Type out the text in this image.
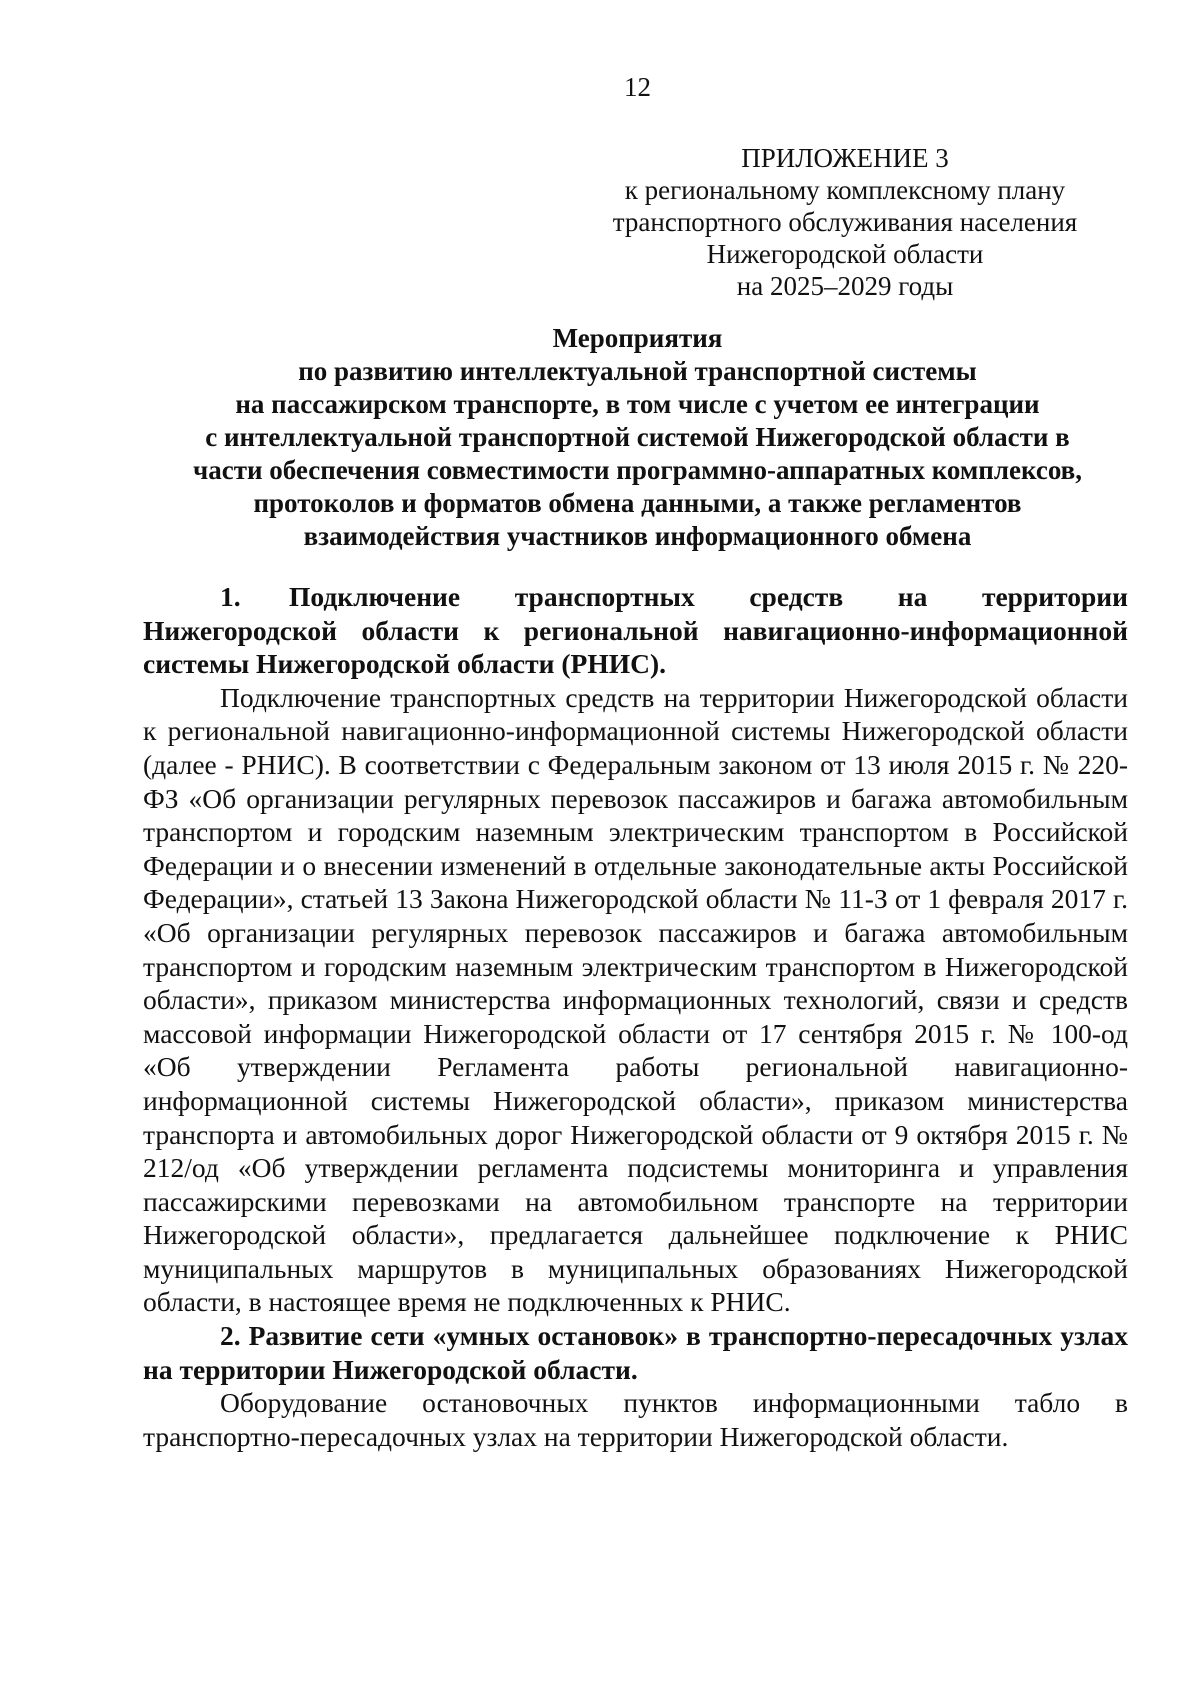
12
ПРИЛОЖЕНИЕ 3
к региональному комплексному плану
транспортного обслуживания населения
Нижегородской области
на 2025–2029 годы
Мероприятия
по развитию интеллектуальной транспортной системы
на пассажирском транспорте, в том числе с учетом ее интеграции
с интеллектуальной транспортной системой Нижегородской области в
части обеспечения совместимости программно-аппаратных комплексов,
протоколов и форматов обмена данными, а также регламентов
взаимодействия участников информационного обмена

1. Подключение транспортных средств на территории Нижегородской области к региональной навигационно-информационной системы Нижегородской области (РНИС).

Подключение транспортных средств на территории Нижегородской области к региональной навигационно-информационной системы Нижегородской области (далее - РНИС). В соответствии с Федеральным законом от 13 июля 2015 г. № 220-ФЗ «Об организации регулярных перевозок пассажиров и багажа автомобильным транспортом и городским наземным электрическим транспортом в Российской Федерации и о внесении изменений в отдельные законодательные акты Российской Федерации», статьей 13 Закона Нижегородской области № 11-З от 1 февраля 2017 г. «Об организации регулярных перевозок пассажиров и багажа автомобильным транспортом и городским наземным электрическим транспортом в Нижегородской области», приказом министерства информационных технологий, связи и средств массовой информации Нижегородской области от 17 сентября 2015 г. № 100-од «Об утверждении Регламента работы региональной навигационно-информационной системы Нижегородской области», приказом министерства транспорта и автомобильных дорог Нижегородской области от 9 октября 2015 г. № 212/од «Об утверждении регламента подсистемы мониторинга и управления пассажирскими перевозками на автомобильном транспорте на территории Нижегородской области», предлагается дальнейшее подключение к РНИС муниципальных маршрутов в муниципальных образованиях Нижегородской области, в настоящее время не подключенных к РНИС.

2. Развитие сети «умных остановок» в транспортно-пересадочных узлах на территории Нижегородской области.

Оборудование остановочных пунктов информационными табло в транспортно-пересадочных узлах на территории Нижегородской области.
